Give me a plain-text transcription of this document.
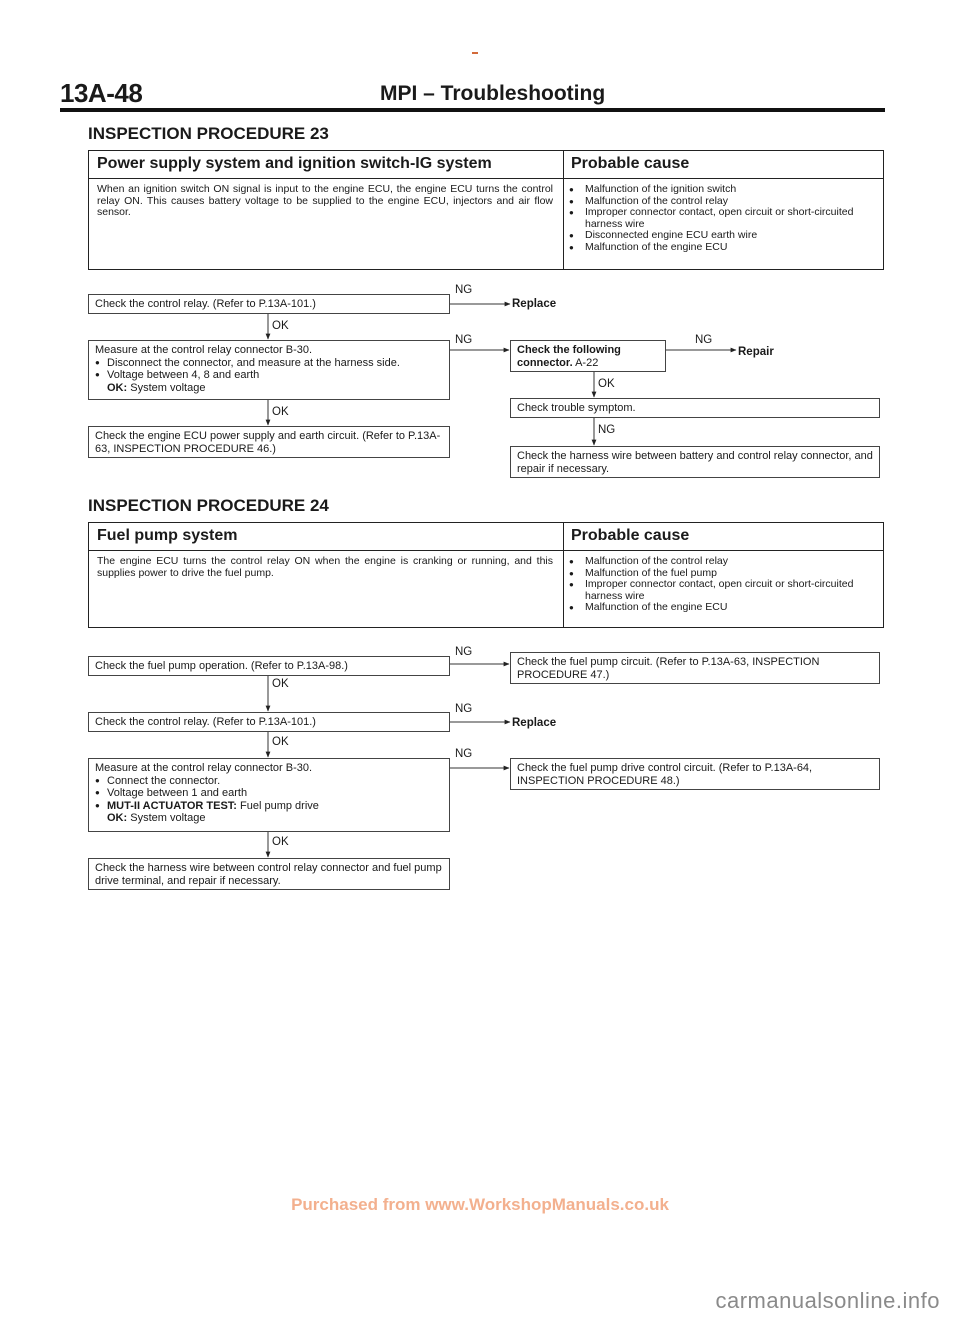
13A-48	MPI – Troubleshooting
INSPECTION PROCEDURE 23
Power supply system and ignition switch-IG system	Probable cause
When an ignition switch ON signal is input to the engine ECU, the engine ECU turns the control relay ON. This causes battery voltage to be supplied to the engine ECU, injectors and air flow sensor.
● Malfunction of the ignition switch
● Malfunction of the control relay
● Improper connector contact, open circuit or short-circuited harness wire
● Disconnected engine ECU earth wire
● Malfunction of the engine ECU
Check the control relay. (Refer to P.13A-101.)
Measure at the control relay connector B-30.
● Disconnect the connector, and measure at the harness side.
● Voltage between 4, 8 and earth
OK: System voltage
Check the engine ECU power supply and earth circuit. (Refer to P.13A-63, INSPECTION PROCEDURE 46.)
Check the following connector. A-22
Check trouble symptom.
Check the harness wire between battery and control relay connector, and repair if necessary.
Replace
Repair
NG
NG	NG
OK
OK
OK
NG
INSPECTION PROCEDURE 24
Fuel pump system	Probable cause
The engine ECU turns the control relay ON when the engine is cranking or running, and this supplies power to drive the fuel pump.
● Malfunction of the control relay
● Malfunction of the fuel pump
● Improper connector contact, open circuit or short-circuited harness wire
● Malfunction of the engine ECU
Check the fuel pump operation. (Refer to P.13A-98.)	Check the fuel pump circuit. (Refer to P.13A-63, INSPECTION PROCEDURE 47.)
Check the control relay. (Refer to P.13A-101.)
Measure at the control relay connector B-30.
● Connect the connector.
● Voltage between 1 and earth
● MUT-II ACTUATOR TEST: Fuel pump drive
OK: System voltage
Check the fuel pump drive control circuit. (Refer to P.13A-64, INSPECTION PROCEDURE 48.)
Check the harness wire between control relay connector and fuel pump drive terminal, and repair if necessary.
Replace
NG
NG
NG
OK
OK
OK
Purchased from www.WorkshopManuals.co.uk
carmanualsonline.info
